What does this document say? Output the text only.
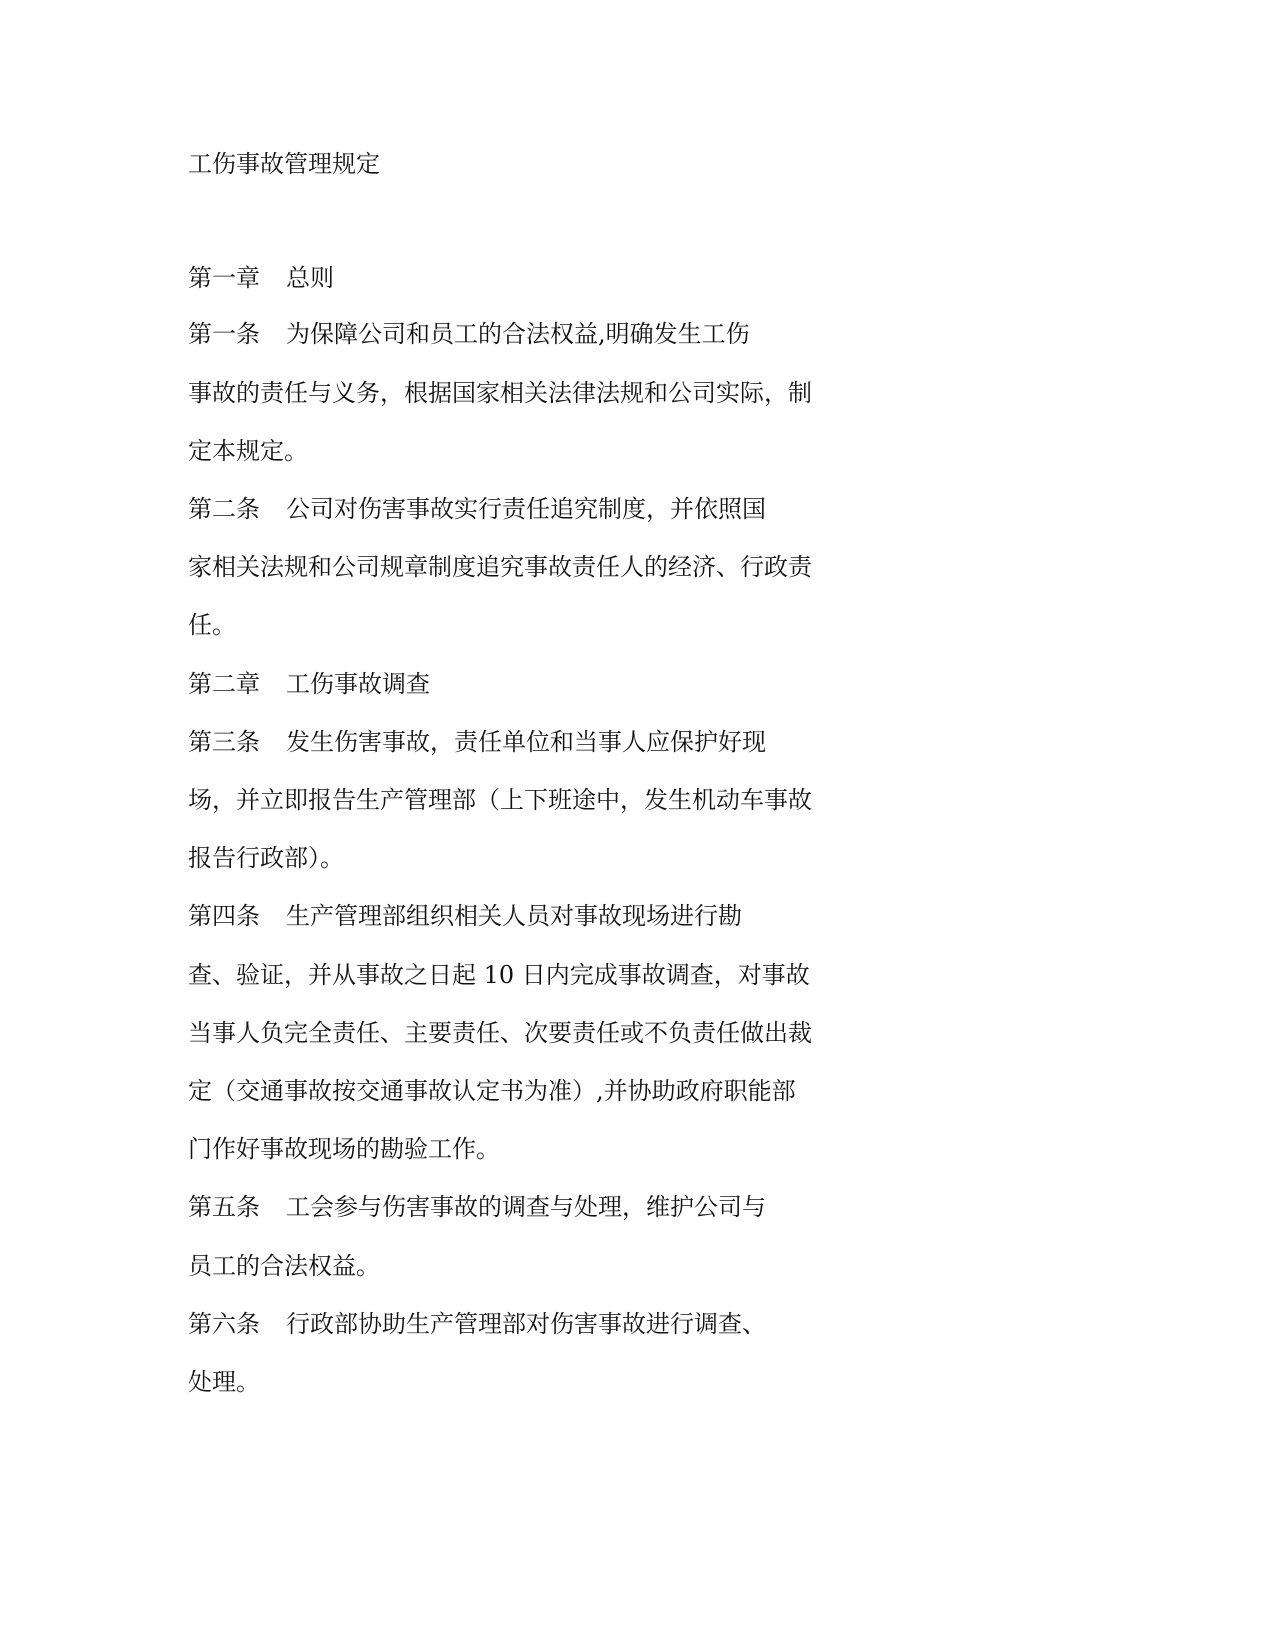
工伤事故管理规定

第一章 总则

第一条 为保障公司和员工的合法权益,明确发生工伤

事故的责任与义务，根据国家相关法律法规和公司实际，制

定本规定。

第二条 公司对伤害事故实行责任追究制度，并依照国

家相关法规和公司规章制度追究事故责任人的经济、行政责

任。

第二章 工伤事故调查

第三条 发生伤害事故，责任单位和当事人应保护好现

场，并立即报告生产管理部（上下班途中，发生机动车事故

报告行政部）。

第四条 生产管理部组织相关人员对事故现场进行勘

查、验证，并从事故之日起 10 日内完成事故调查，对事故

当事人负完全责任、主要责任、次要责任或不负责任做出裁

定（交通事故按交通事故认定书为准）,并协助政府职能部

门作好事故现场的勘验工作。

第五条 工会参与伤害事故的调查与处理，维护公司与

员工的合法权益。

第六条 行政部协助生产管理部对伤害事故进行调查、

处理。
